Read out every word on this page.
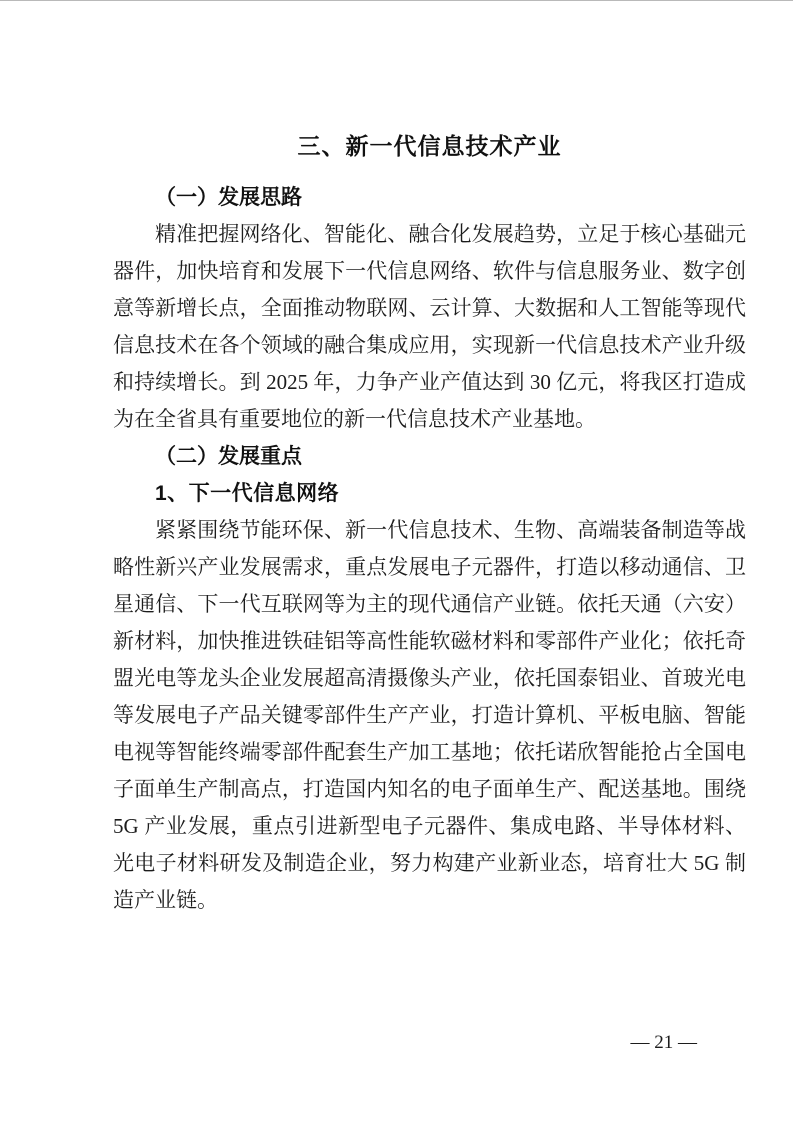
三、新一代信息技术产业
（一）发展思路

精准把握网络化、智能化、融合化发展趋势，立足于核心基础元器件，加快培育和发展下一代信息网络、软件与信息服务业、数字创意等新增长点，全面推动物联网、云计算、大数据和人工智能等现代信息技术在各个领域的融合集成应用，实现新一代信息技术产业升级和持续增长。到 2025 年，力争产业产值达到 30 亿元，将我区打造成为在全省具有重要地位的新一代信息技术产业基地。

（二）发展重点
1、下一代信息网络

紧紧围绕节能环保、新一代信息技术、生物、高端装备制造等战略性新兴产业发展需求，重点发展电子元器件，打造以移动通信、卫星通信、下一代互联网等为主的现代通信产业链。依托天通（六安）新材料，加快推进铁硅铝等高性能软磁材料和零部件产业化；依托奇盟光电等龙头企业发展超高清摄像头产业，依托国泰铝业、首玻光电等发展电子产品关键零部件生产产业，打造计算机、平板电脑、智能电视等智能终端零部件配套生产加工基地；依托诺欣智能抢占全国电子面单生产制高点，打造国内知名的电子面单生产、配送基地。围绕 5G 产业发展，重点引进新型电子元器件、集成电路、半导体材料、光电子材料研发及制造企业，努力构建产业新业态，培育壮大 5G 制造产业链。

— 21 —
